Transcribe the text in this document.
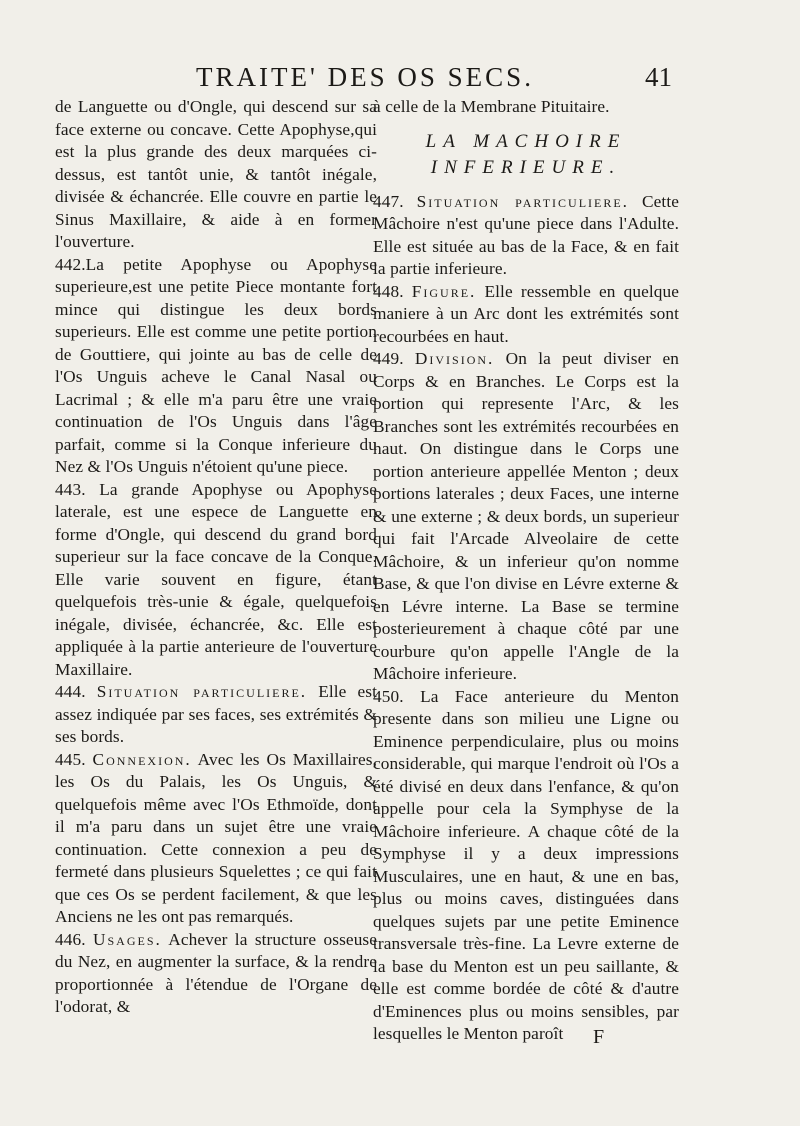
TRAITE' DES OS SECS.	41

de Languette ou d'Ongle, qui descend sur sa face externe ou concave. Cette Apophyse,qui est la plus grande des deux marquées ci-dessus, est tantôt unie, & tantôt inégale, divisée & échancrée. Elle couvre en partie le Sinus Maxillaire, & aide à en former l'ouverture.

442.La petite Apophyse ou Apophyse superieure,est une petite Piece montante fort mince qui distingue les deux bords superieurs. Elle est comme une petite portion de Gouttiere, qui jointe au bas de celle de l'Os Unguis acheve le Canal Nasal ou Lacrimal ; & elle m'a paru être une vraie continuation de l'Os Unguis dans l'âge parfait, comme si la Conque inferieure du Nez & l'Os Unguis n'étoient qu'une piece.

443. La grande Apophyse ou Apophyse laterale, est une espece de Languette en forme d'Ongle, qui descend du grand bord superieur sur la face concave de la Conque. Elle varie souvent en figure, étant quelquefois très-unie & égale, quelquefois inégale, divisée, échancrée, &c. Elle est appliquée à la partie anterieure de l'ouverture Maxillaire.

444. Situation particuliere. Elle est assez indiquée par ses faces, ses extrémités & ses bords.

445. Connexion. Avec les Os Maxillaires, les Os du Palais, les Os Unguis, & quelquefois même avec l'Os Ethmoïde, dont il m'a paru dans un sujet être une vraie continuation. Cette connexion a peu de fermeté dans plusieurs Squelettes ; ce qui fait que ces Os se perdent facilement, & que les Anciens ne les ont pas remarqués.

446. Usages. Achever la structure osseuse du Nez, en augmenter la surface, & la rendre proportionnée à l'étendue de l'Organe de l'odorat, &

à celle de la Membrane Pituitaire.

LA MACHOIRE

INFERIEURE.

447. Situation particuliere. Cette Mâchoire n'est qu'une piece dans l'Adulte. Elle est située au bas de la Face, & en fait la partie inferieure.

448. Figure. Elle ressemble en quelque maniere à un Arc dont les extrémités sont recourbées en haut.

449. Division. On la peut diviser en Corps & en Branches. Le Corps est la portion qui represente l'Arc, & les Branches sont les extrémités recourbées en haut. On distingue dans le Corps une portion anterieure appellée Menton ; deux portions laterales ; deux Faces, une interne & une externe ; & deux bords, un superieur qui fait l'Arcade Alveolaire de cette Mâchoire, & un inferieur qu'on nomme Base, & que l'on divise en Lévre externe & en Lévre interne. La Base se termine posterieurement à chaque côté par une courbure qu'on appelle l'Angle de la Mâchoire inferieure.

450. La Face anterieure du Menton presente dans son milieu une Ligne ou Eminence perpendiculaire, plus ou moins considerable, qui marque l'endroit où l'Os a été divisé en deux dans l'enfance, & qu'on appelle pour cela la Symphyse de la Mâchoire inferieure. A chaque côté de la Symphyse il y a deux impressions Musculaires, une en haut, & une en bas, plus ou moins caves, distinguées dans quelques sujets par une petite Eminence transversale très-fine. La Levre externe de la base du Menton est un peu saillante, & elle est comme bordée de côté & d'autre d'Eminences plus ou moins sensibles, par lesquelles le Menton paroît	F
